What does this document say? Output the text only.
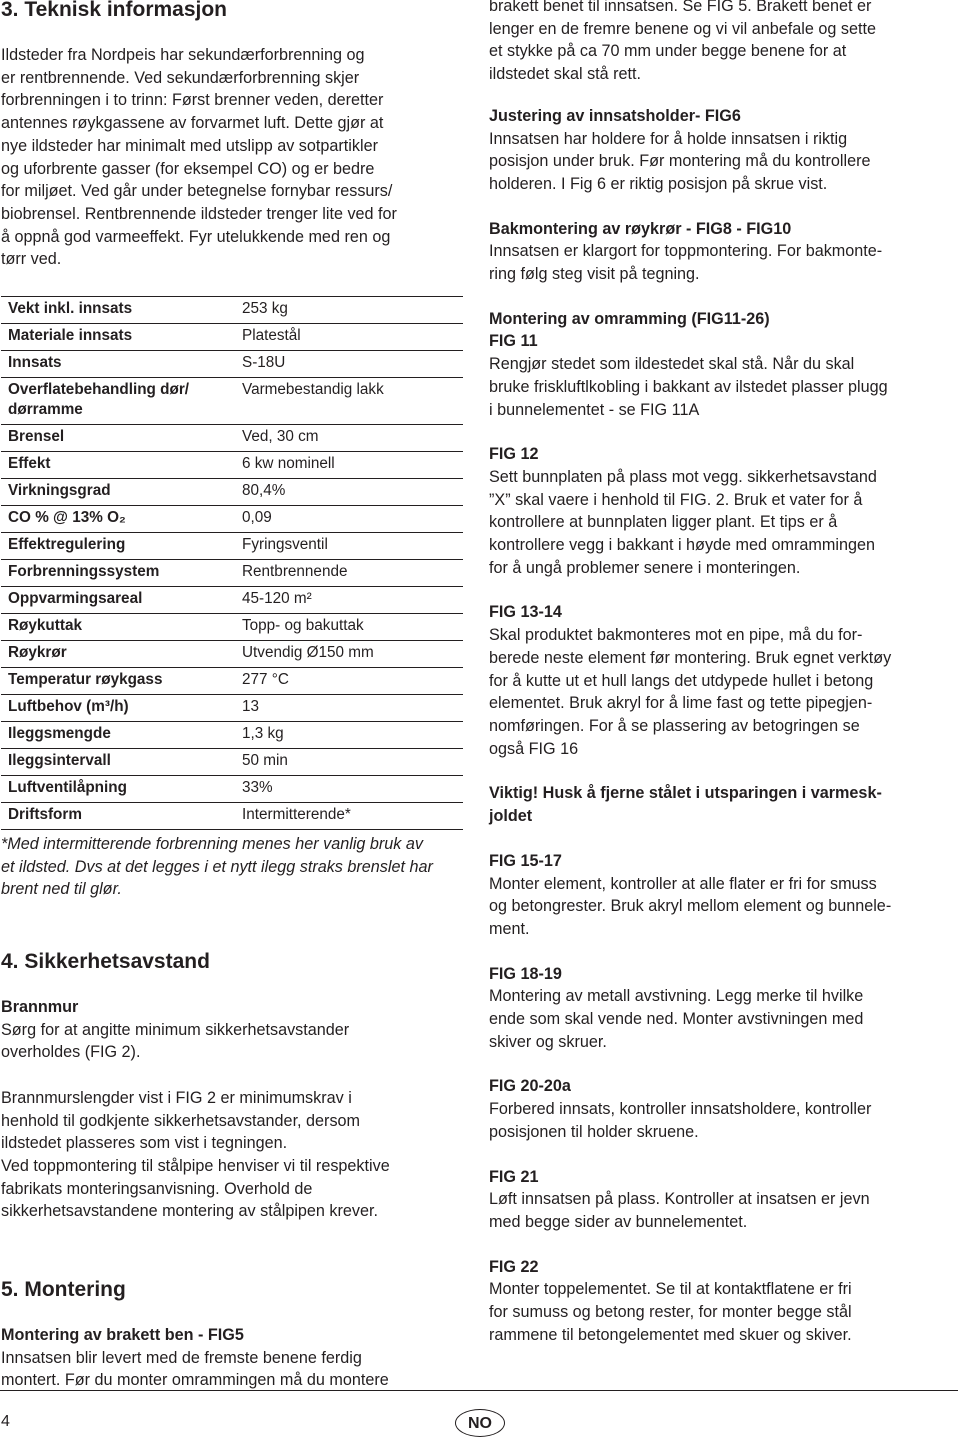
3. Teknisk informasjon
Ildsteder fra Nordpeis har sekundærforbrenning og
er rentbrennende. Ved sekundærforbrenning skjer
forbrenningen i to trinn: Først brenner veden, deretter
antennes røykgassene av forvarmet luft. Dette gjør at
nye ildsteder har minimalt med utslipp av sotpartikler
og uforbrente gasser (for eksempel CO) og er bedre
for miljøet. Ved går under betegnelse fornybar ressurs/
biobrensel. Rentbrennende ildsteder trenger lite ved for
å oppnå god varmeeffekt. Fyr utelukkende med ren og
tørr ved.
Vekt inkl. innsats	253 kg
Materiale innsats	Platestål
Innsats	S-18U
Overflatebehandling dør/
dørramme	Varmebestandig lakk
Brensel	Ved, 30 cm
Effekt	6 kw nominell
Virkningsgrad	80,4%
CO % @ 13% O₂	0,09
Effektregulering	Fyringsventil
Forbrenningssystem	Rentbrennende
Oppvarmingsareal	45-120 m²
Røykuttak	Topp- og bakuttak
Røykrør	Utvendig Ø150 mm
Temperatur røykgass	277 °C
Luftbehov (m³/h)	13
Ileggsmengde	1,3 kg
Ileggsintervall	50 min
Luftventilåpning	33%
Driftsform	Intermitterende*
*Med intermitterende forbrenning menes her vanlig bruk av
et ildsted. Dvs at det legges i et nytt ilegg straks brenslet har
brent ned til glør.
4. Sikkerhetsavstand
Brannmur
Sørg for at angitte minimum sikkerhetsavstander
overholdes (FIG 2).
Brannmurslengder vist i FIG 2 er minimumskrav i
henhold til godkjente sikkerhetsavstander, dersom
ildstedet plasseres som vist i tegningen.
Ved toppmontering til stålpipe henviser vi til respektive
fabrikats monteringsanvisning. Overhold de
sikkerhetsavstandene montering av stålpipen krever.
5. Montering
Montering av brakett ben - FIG5
Innsatsen blir levert med de fremste benene ferdig
montert. Før du monter omrammingen må du montere
brakett benet til innsatsen. Se FIG 5. Brakett benet er
lenger en de fremre benene og vi vil anbefale og sette
et stykke på ca 70 mm under begge benene for at
ildstedet skal stå rett.
Justering av innsatsholder- FIG6
Innsatsen har holdere for å holde innsatsen i riktig
posisjon under bruk. Før montering må du kontrollere
holderen. I Fig 6 er riktig posisjon på skrue vist.
Bakmontering av røykrør - FIG8 - FIG10
Innsatsen er klargort for toppmontering. For bakmonte-
ring følg steg visit på tegning.
Montering av omramming (FIG11-26)
FIG 11
Rengjør stedet som ildestedet skal stå. Når du skal
bruke friskluftlkobling i bakkant av ilstedet plasser plugg
i bunnelementet - se FIG 11A
FIG 12
Sett bunnplaten på plass mot vegg. sikkerhetsavstand
”X” skal vaere i henhold til FIG. 2. Bruk et vater for å
kontrollere at bunnplaten ligger plant. Et tips er å
kontrollere vegg i bakkant i høyde med omrammingen
for å ungå problemer senere i monteringen.
FIG 13-14
Skal produktet bakmonteres mot en pipe, må du for-
berede neste element før montering. Bruk egnet verktøy
for å kutte ut et hull langs det utdypede hullet i betong
elementet. Bruk akryl for å lime fast og tette pipegjen-
nomføringen. For å se plassering av betogringen se
også FIG 16
Viktig! Husk å fjerne stålet i utsparingen i varmesk-
joldet
FIG 15-17
Monter element, kontroller at alle flater er fri for smuss
og betongrester. Bruk akryl mellom element og bunnele-
ment.
FIG 18-19
Montering av metall avstivning. Legg merke til hvilke
ende som skal vende ned. Monter avstivningen med
skiver og skruer.
FIG 20-20a
Forbered innsats, kontroller innsatsholdere, kontroller
posisjonen til holder skruene.
FIG 21
Løft innsatsen på plass. Kontroller at insatsen er jevn
med begge sider av bunnelementet.
FIG 22
Monter toppelementet. Se til at kontaktflatene er fri
for sumuss og betong rester, for monter begge stål
rammene til betongelementet med skuer og skiver.
4	NO
